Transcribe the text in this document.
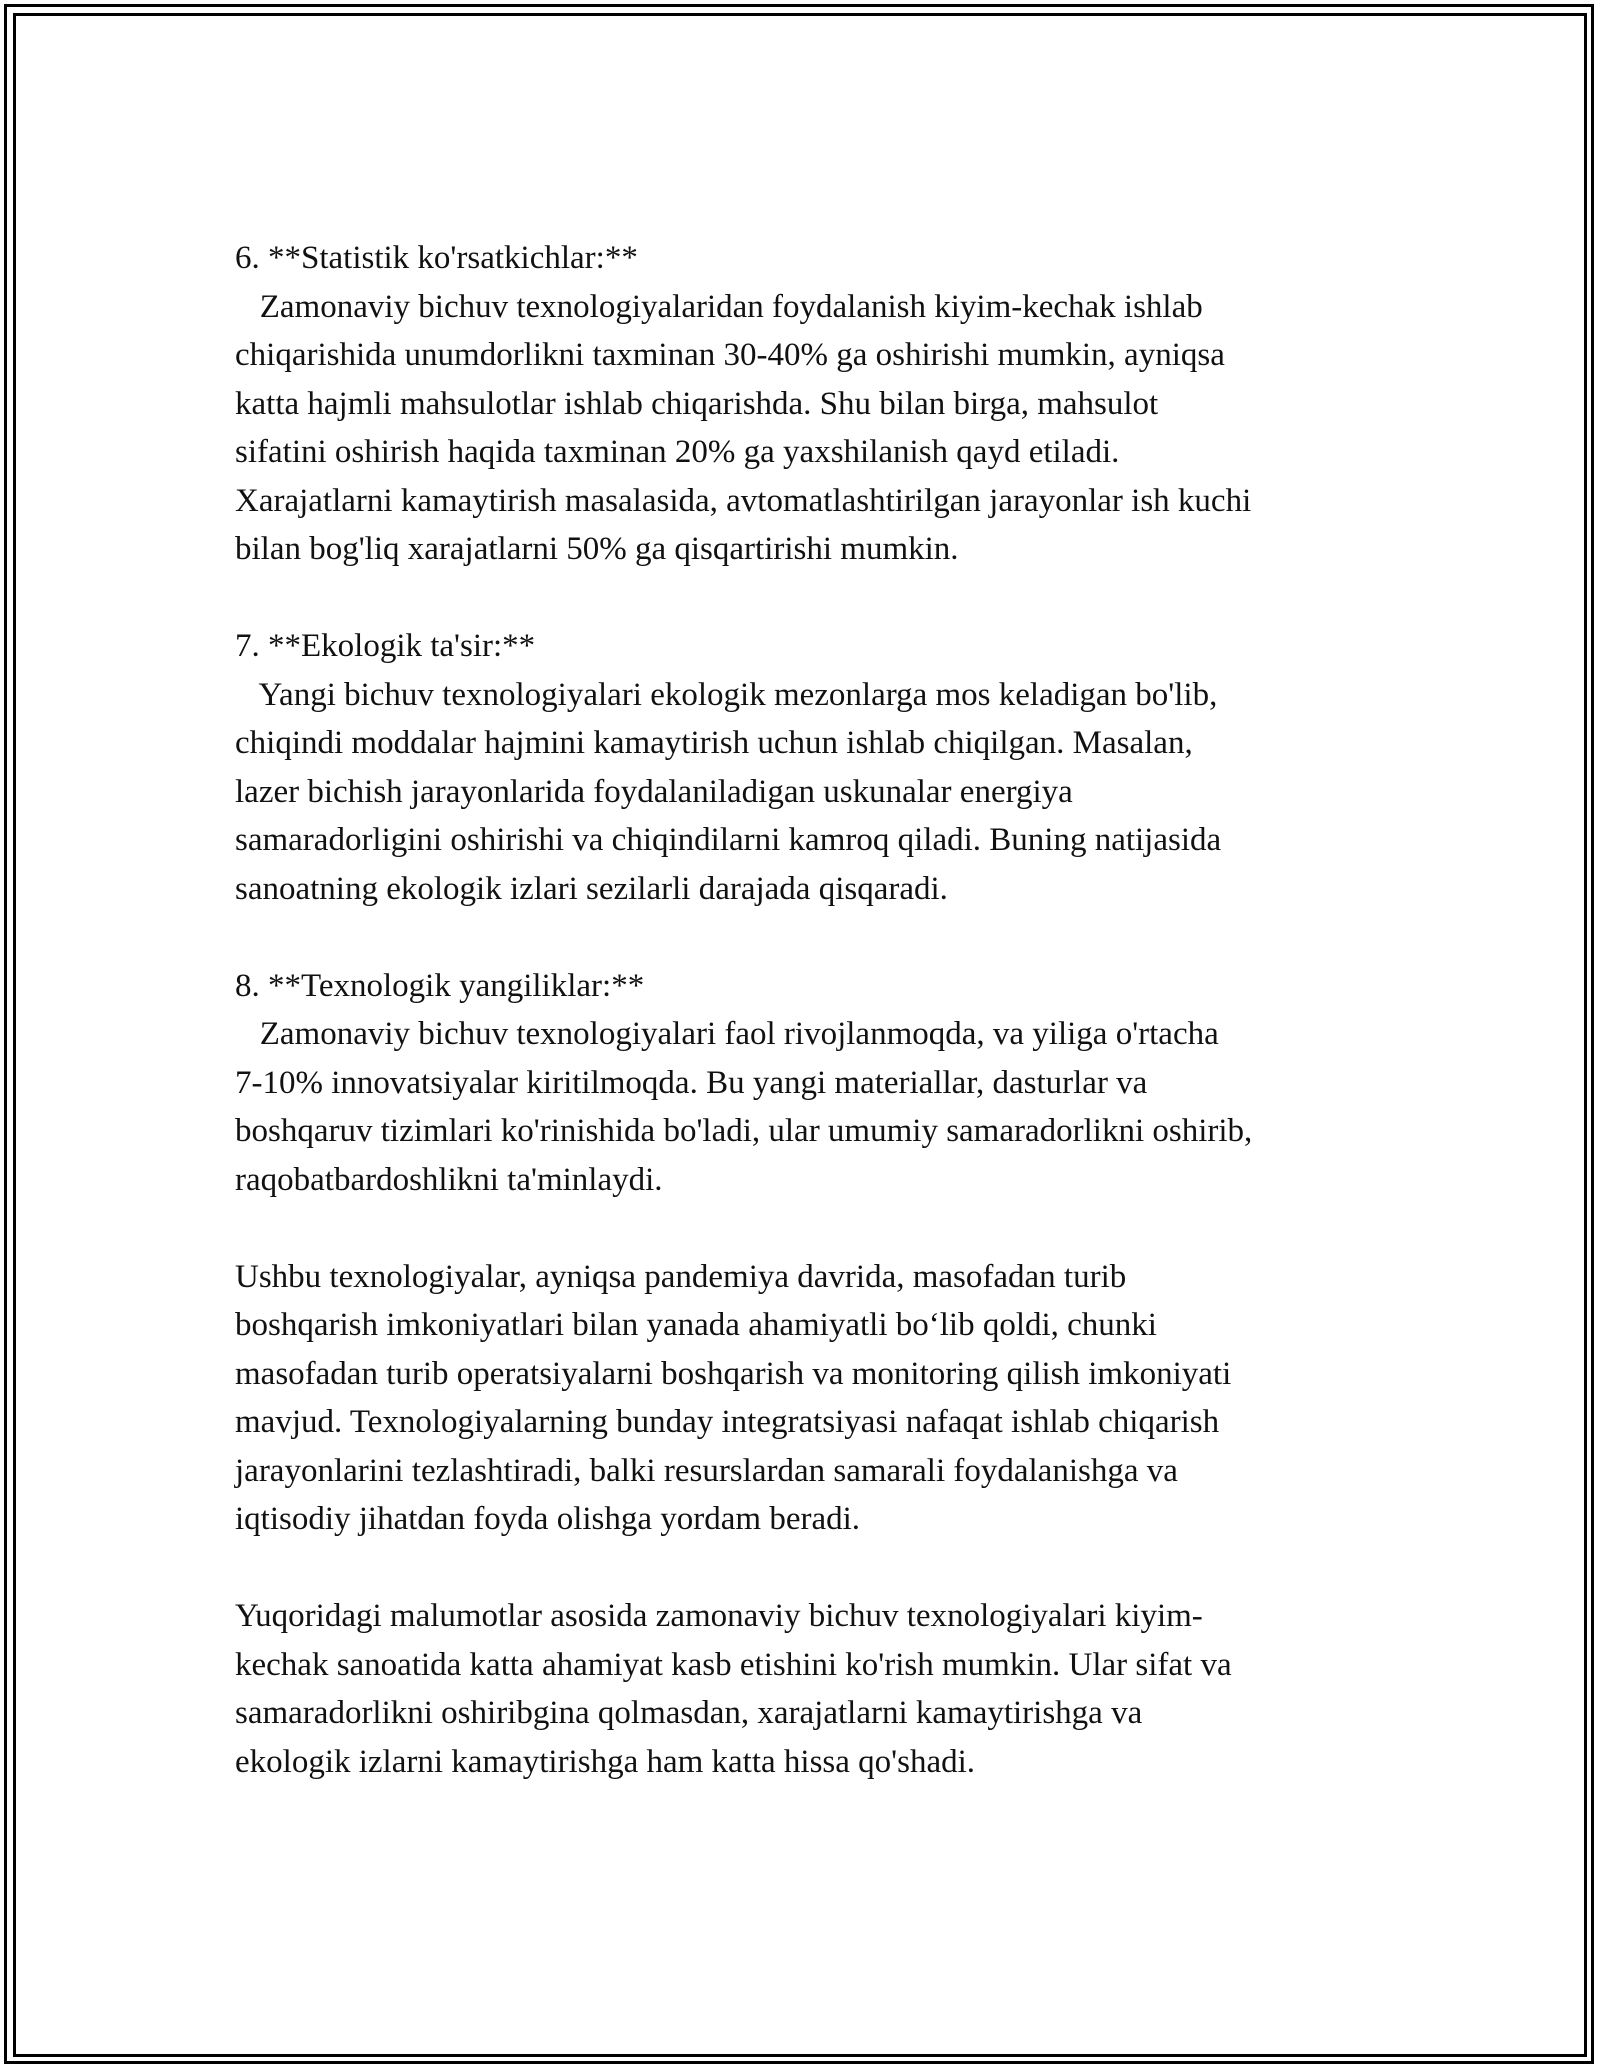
6. **Statistik ko'rsatkichlar:**
Zamonaviy bichuv texnologiyalaridan foydalanish kiyim-kechak ishlab
chiqarishida unumdorlikni taxminan 30-40% ga oshirishi mumkin, ayniqsa
katta hajmli mahsulotlar ishlab chiqarishda. Shu bilan birga, mahsulot
sifatini oshirish haqida taxminan 20% ga yaxshilanish qayd etiladi.
Xarajatlarni kamaytirish masalasida, avtomatlashtirilgan jarayonlar ish kuchi
bilan bog'liq xarajatlarni 50% ga qisqartirishi mumkin.
7. **Ekologik ta'sir:**
Yangi bichuv texnologiyalari ekologik mezonlarga mos keladigan bo'lib,
chiqindi moddalar hajmini kamaytirish uchun ishlab chiqilgan. Masalan,
lazer bichish jarayonlarida foydalaniladigan uskunalar energiya
samaradorligini oshirishi va chiqindilarni kamroq qiladi. Buning natijasida
sanoatning ekologik izlari sezilarli darajada qisqaradi.
8. **Texnologik yangiliklar:**
Zamonaviy bichuv texnologiyalari faol rivojlanmoqda, va yiliga o'rtacha
7-10% innovatsiyalar kiritilmoqda. Bu yangi materiallar, dasturlar va
boshqaruv tizimlari ko'rinishida bo'ladi, ular umumiy samaradorlikni oshirib,
raqobatbardoshlikni ta'minlaydi.
Ushbu texnologiyalar, ayniqsa pandemiya davrida, masofadan turib
boshqarish imkoniyatlari bilan yanada ahamiyatli bo‘lib qoldi, chunki
masofadan turib operatsiyalarni boshqarish va monitoring qilish imkoniyati
mavjud. Texnologiyalarning bunday integratsiyasi nafaqat ishlab chiqarish
jarayonlarini tezlashtiradi, balki resurslardan samarali foydalanishga va
iqtisodiy jihatdan foyda olishga yordam beradi.
Yuqoridagi malumotlar asosida zamonaviy bichuv texnologiyalari kiyim-
kechak sanoatida katta ahamiyat kasb etishini ko'rish mumkin. Ular sifat va
samaradorlikni oshiribgina qolmasdan, xarajatlarni kamaytirishga va
ekologik izlarni kamaytirishga ham katta hissa qo'shadi.
